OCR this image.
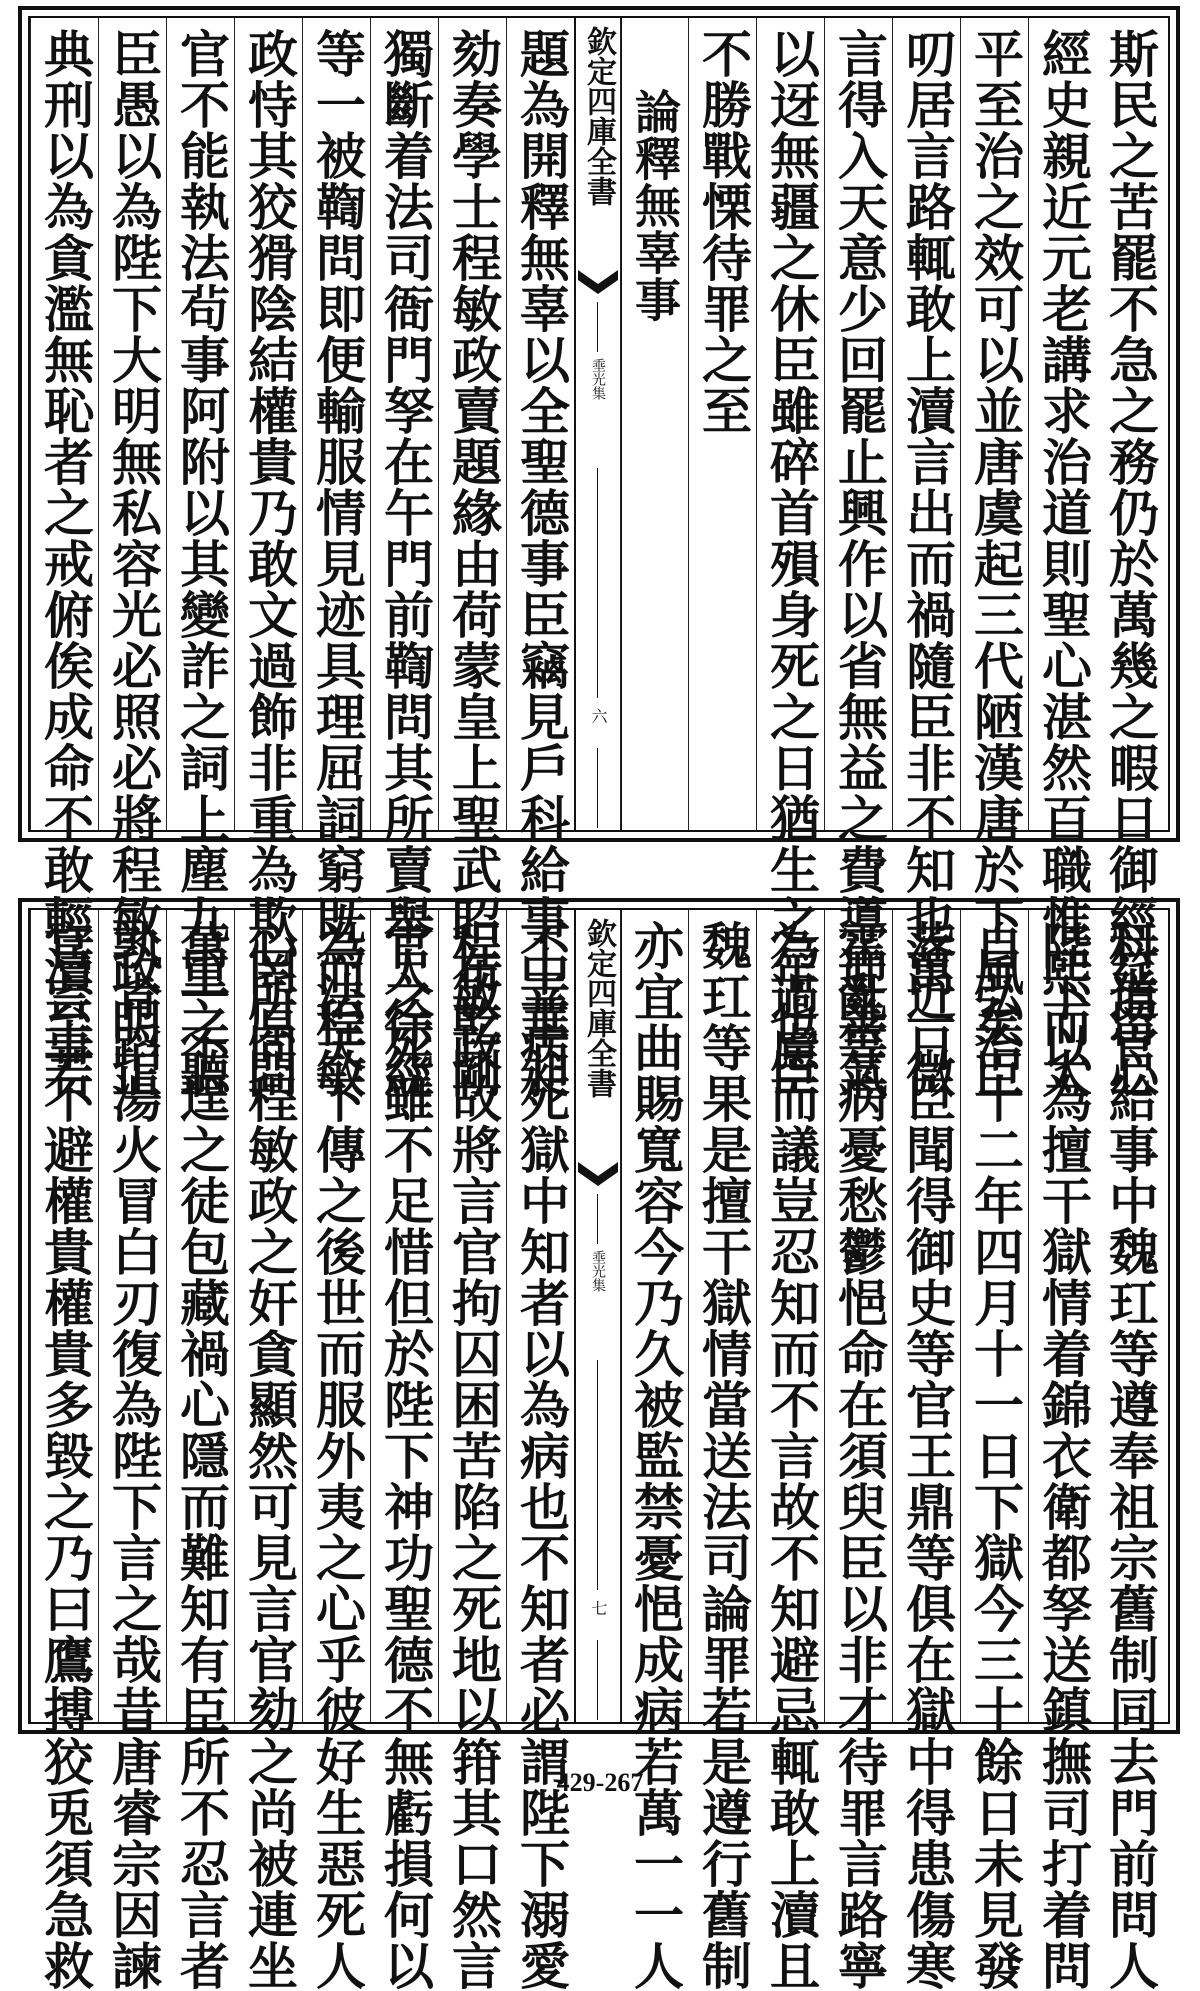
典刑以為貪濫無恥者之戒俯俟成命不敢輕瀆至若 臣愚以為陛下大明無私容光必照必將程敏政明正 官不能執法茍事阿附以其變詐之詞上塵九重之聽 政恃其狡猾陰結權貴乃敢文過飾非重為欺罔原問 等一被鞫問即便輸服情見迹具理屈詞窮既而程敏 獨斷着法司衙門孥在午門前鞫問其所賣舉人徐經 劾奏學士程敏政賣題緣由荷蒙皇上聖武昭布乾剛 題為開釋無辜以全聖德事臣竊見戶科給事中華昶 欽定四庫全書
埀光集
六
論釋無辜事 不勝戰慄待罪之至 以迓無疆之休臣雖碎首殞身死之日猶生之年也臣 言得入天意少回罷止興作以省無益之費導迎善氣 叨居言路輒敢上瀆言出而禍隨臣非不知也萬一微 平至治之效可以並唐虞起三代陋漢唐於下風矣臣 經史親近元老講求治道則聖心湛然百職惟熙而太 斯民之苦罷不急之務仍於萬幾之暇日御經筵留心
官言事不避權貴權貴多毀之乃曰鷹搏狡兎須急救 孰肯蹈湯火冒白刃復為陛下言之哉昔唐睿宗因諫 萬一不逞之徒包藏禍心隱而難知有臣所不忍言者 心所同程敏政之奸貪顯然可見言官劾之尚被連坐 為法天下傳之後世而服外夷之心乎彼好生惡死人 官之死雖不足惜但於陛下神功聖德不無虧損何以 程敏政故將言官拘囚困苦陷之死地以箝其口然言 不幸病死獄中知者以為病也不知者必謂陛下溺愛 欽定四庫全書
埀光集
七 亦宜曲賜寬容今乃久被監禁憂悒成病若萬一一人 魏玒等果是擅干獄情當送法司論罪若是遵行舊制 為過慮而議豈忍知而不言故不知避忌輒敢上瀆且 霍亂等病憂愁鬱悒命在須臾臣以非才待罪言路寧 落近日臣聞得御史等官王鼎等俱在獄中得患傷寒 自弘治十二年四月十一日下獄今三十餘日未見發 陛下以為擅干獄情着錦衣衛都孥送鎮撫司打着問 科道官給事中魏玒等遵奉祖宗舊制同去門前問人
429-267
